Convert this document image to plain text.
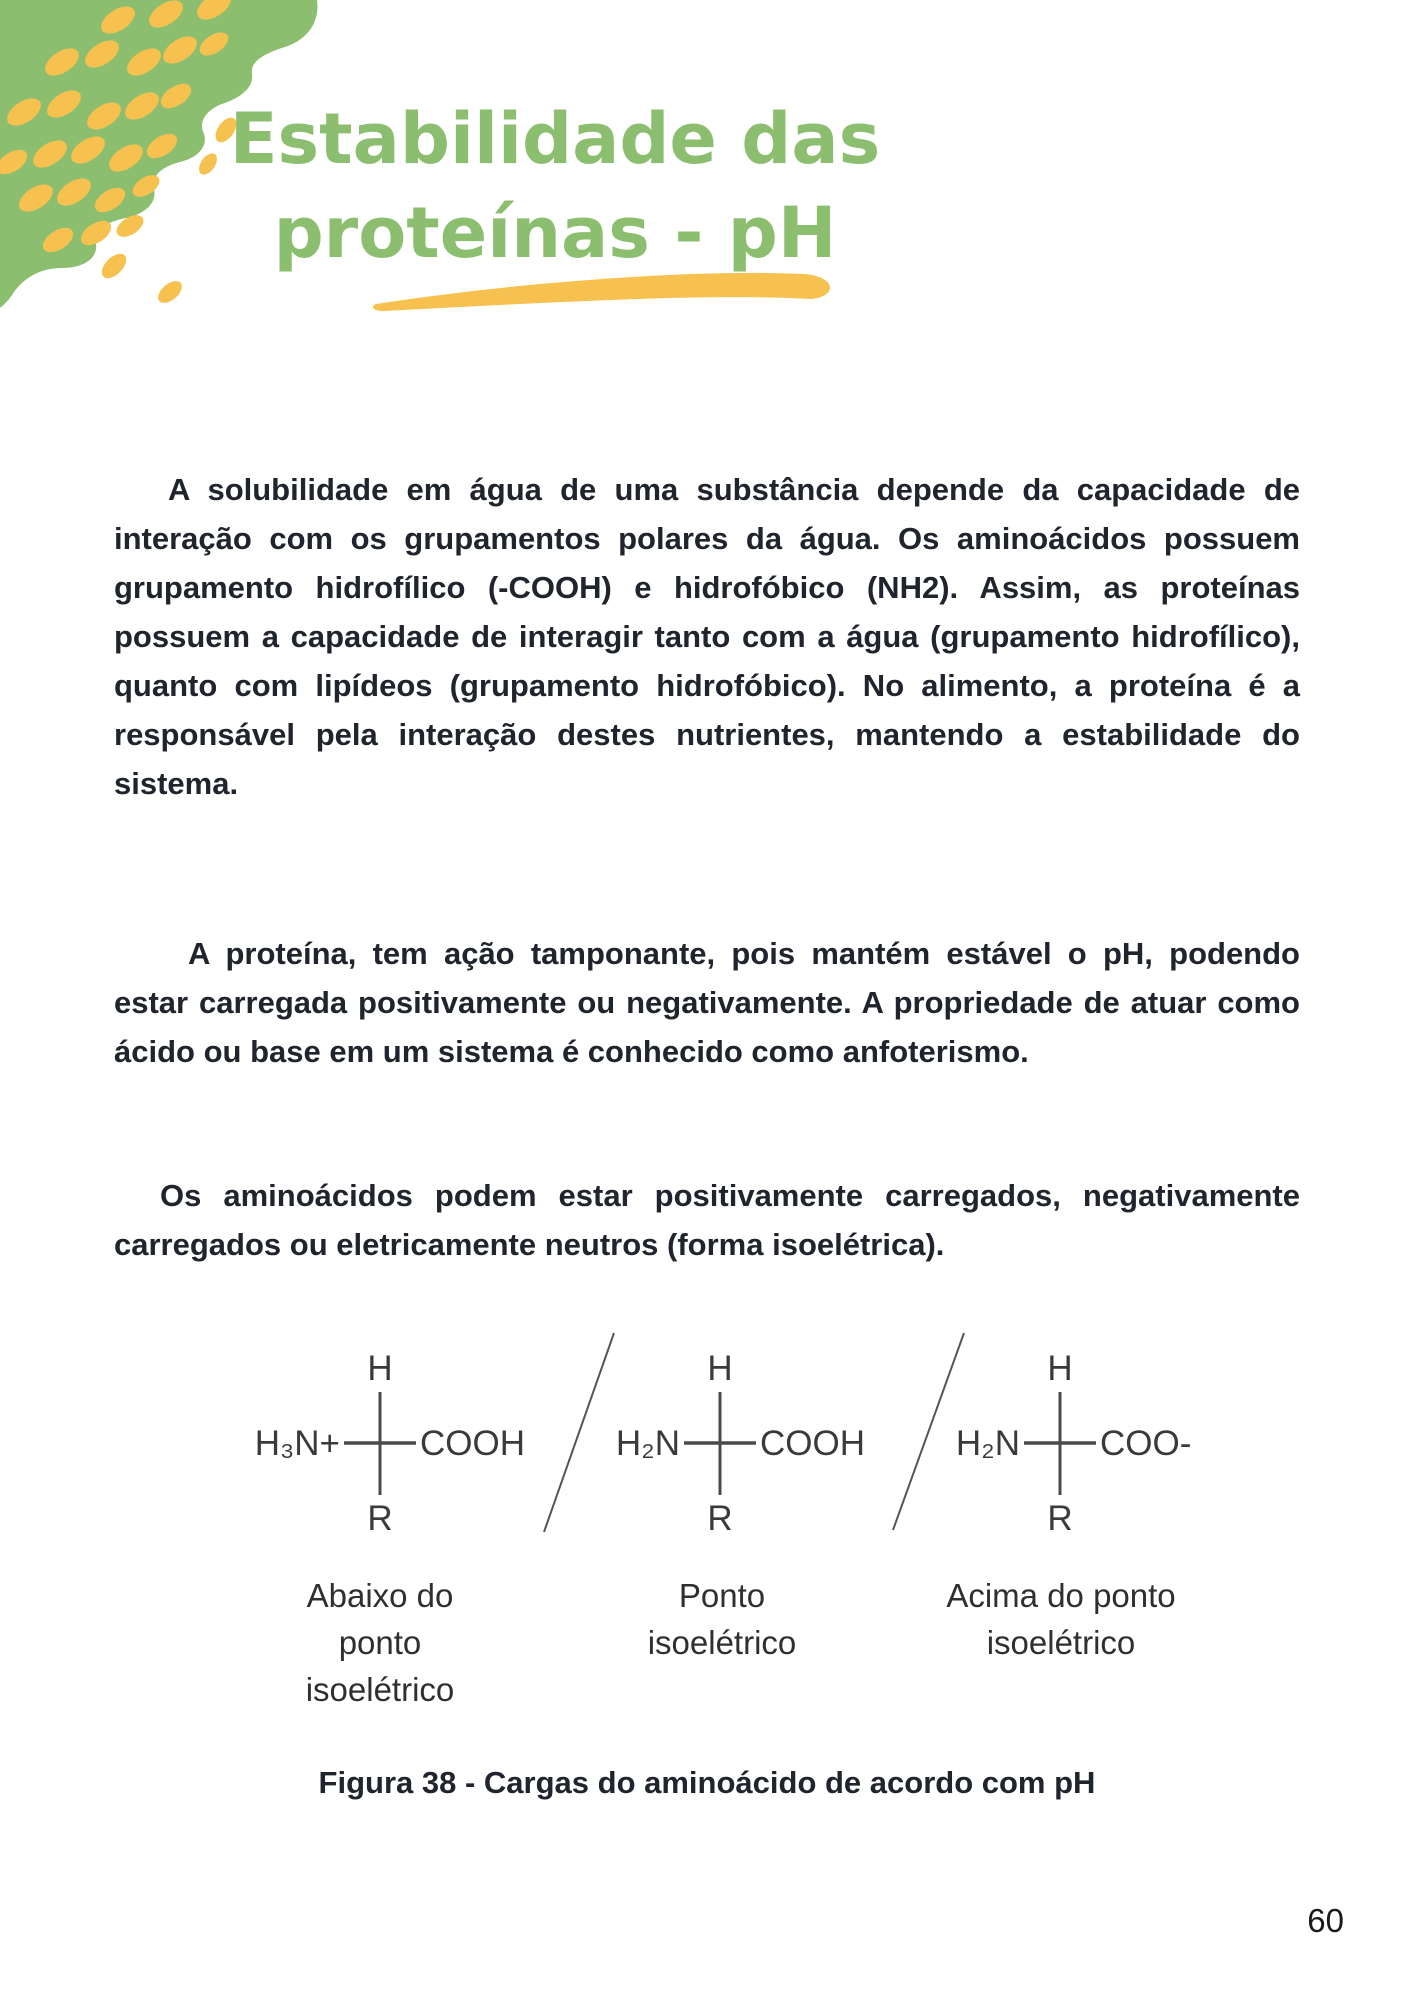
Estabilidade das
proteínas - pH

A solubilidade em água de uma substância depende da capacidade de interação com os grupamentos polares da água. Os aminoácidos possuem grupamento hidrofílico (-COOH) e hidrofóbico (NH2). Assim, as proteínas possuem a capacidade de interagir tanto com a água (grupamento hidrofílico), quanto com lipídeos (grupamento hidrofóbico). No alimento, a proteína é a responsável pela interação destes nutrientes, mantendo a estabilidade do sistema.

A proteína, tem ação tamponante, pois mantém estável o pH, podendo estar carregada positivamente ou negativamente. A propriedade de atuar como ácido ou base em um sistema é conhecido como anfoterismo.

Os aminoácidos podem estar positivamente carregados, negativamente carregados ou eletricamente neutros (forma isoelétrica).

H
H₃N+ COOH
R
H
H₂N COOH
R
H
H₂N COO-
R
Abaixo do ponto isoelétrico
Ponto isoelétrico
Acima do ponto isoelétrico
Figura 38 - Cargas do aminoácido de acordo com pH
60
